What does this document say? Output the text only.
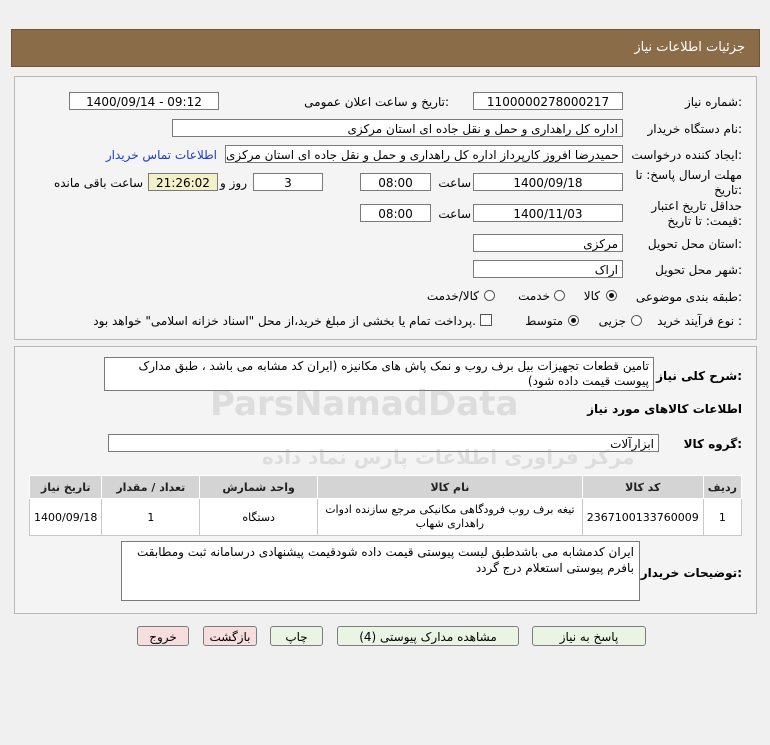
جزئیات اطلاعات نیاز
شماره نیاز:
1100000278000217
تاریخ و ساعت اعلان عمومی:
1400/09/14 - 09:12
نام دستگاه خریدار:
اداره کل راهداری و حمل و نقل جاده ای استان مرکزی
ایجاد کننده درخواست:
حمیدرضا افروز کارپرداز اداره کل راهداری و حمل و نقل جاده ای استان مرکزی
اطلاعات تماس خریدار
مهلت ارسال پاسخ: تا
تاریخ:
1400/09/18
ساعت
08:00
3
روز و
21:26:02
ساعت باقی مانده
حداقل تاریخ اعتبار
قیمت: تا تاریخ:
1400/11/03
ساعت
08:00
استان محل تحویل:
مرکزی
شهر محل تحویل:
اراک
طبقه بندی موضوعی:
کالا
خدمت
کالا/خدمت
نوع فرآیند خرید :
جزیی
متوسط
پرداخت تمام یا بخشی از مبلغ خرید،از محل "اسناد خزانه اسلامی" خواهد بود.
شرح کلی نیاز:
تامین قطعات تجهیزات بیل برف روب و نمک پاش های مکانیزه (ایران کد مشابه می باشد ، طبق مدارک پیوست قیمت داده شود)
اطلاعات کالاهای مورد نیاز
گروه کالا:
ابزارآلات
ردیف	کد کالا	نام کالا	واحد شمارش	تعداد / مقدار	تاریخ نیاز
1	2367100133760009	تیغه برف روب فرودگاهی مکانیکی مرجع سازنده ادوات راهداری شهاب	دستگاه	1	1400/09/18
توضیحات خریدار:
ایران کدمشابه می باشدطبق لیست پیوستی قیمت داده شودقیمت پیشنهادی درسامانه ثبت ومطابقت بافرم پیوستی استعلام درج گردد
ParsNamadData
مرکز فراوری اطلاعات پارس نماد داده
پاسخ به نیاز
مشاهده مدارک پیوستی (4)
چاپ
بازگشت
خروج
